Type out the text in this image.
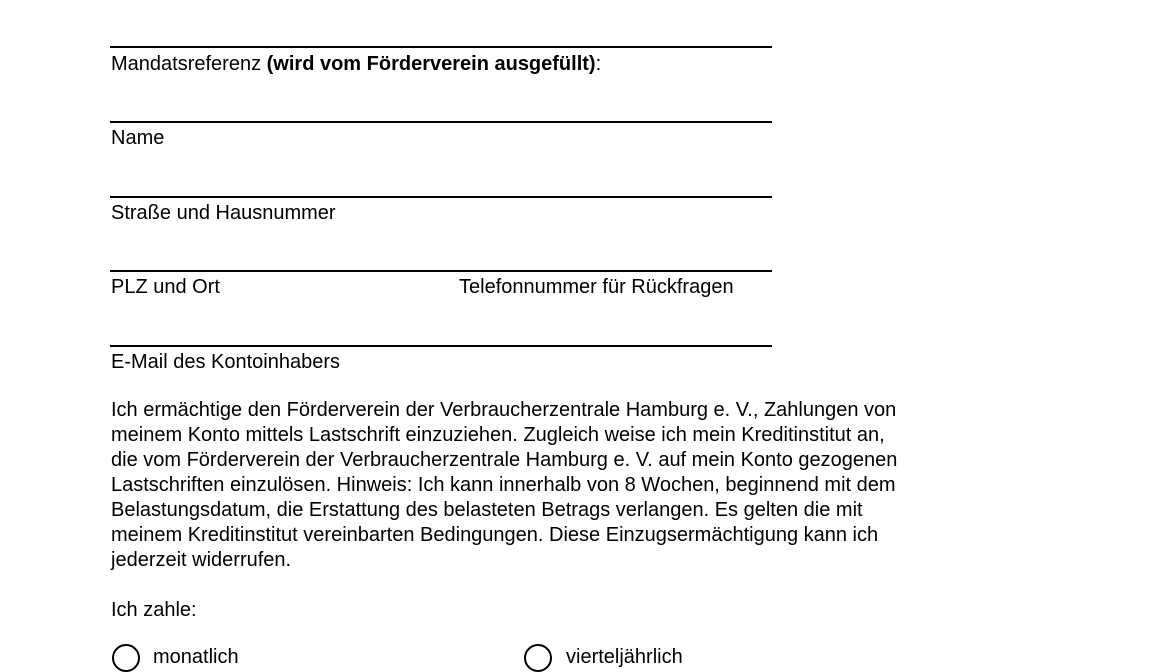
Mandatsreferenz (wird vom Förderverein ausgefüllt):
Name
Straße und Hausnummer
PLZ und Ort	Telefonnummer für Rückfragen
E-Mail des Kontoinhabers
Ich ermächtige den Förderverein der Verbraucherzentrale Hamburg e. V., Zahlungen von
meinem Konto mittels Lastschrift einzuziehen. Zugleich weise ich mein Kreditinstitut an,
die vom Förderverein der Verbraucherzentrale Hamburg e. V. auf mein Konto gezogenen
Lastschriften einzulösen. Hinweis: Ich kann innerhalb von 8 Wochen, beginnend mit dem
Belastungsdatum, die Erstattung des belasteten Betrags verlangen. Es gelten die mit
meinem Kreditinstitut vereinbarten Bedingungen. Diese Einzugsermächtigung kann ich
jederzeit widerrufen.
Ich zahle:
monatlich	vierteljährlich
